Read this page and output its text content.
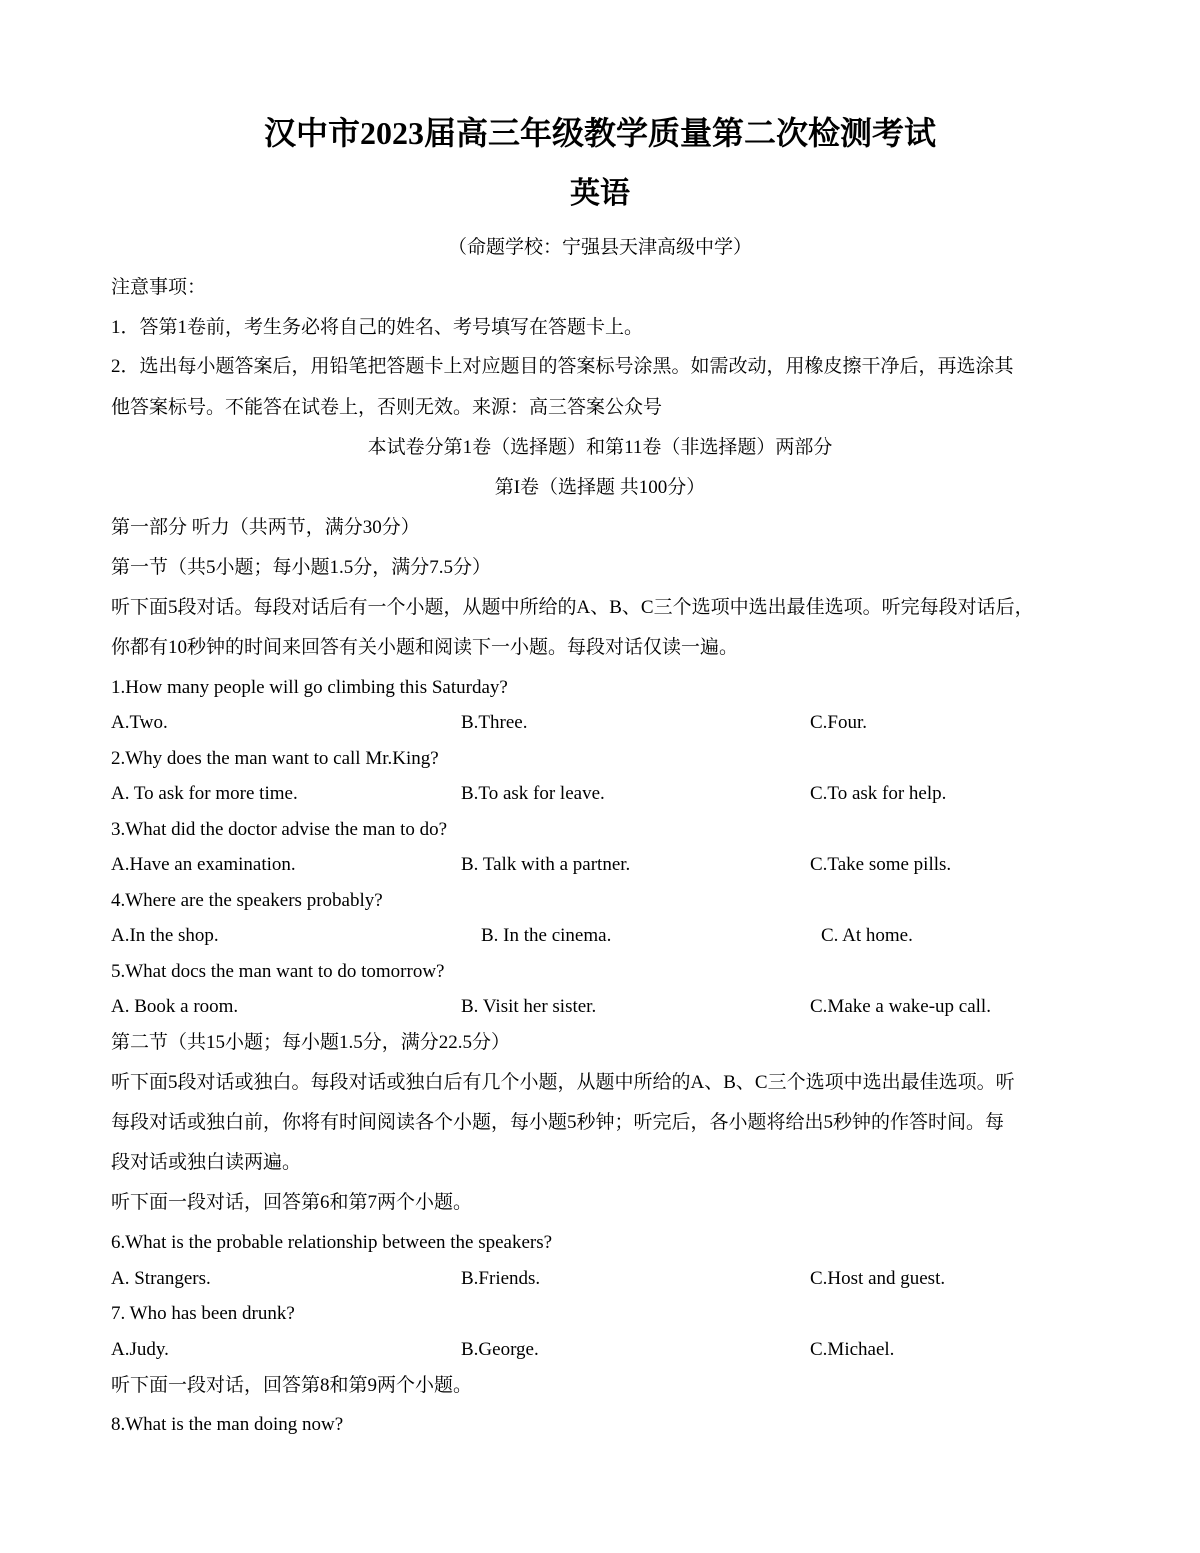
汉中市2023届高三年级教学质量第二次检测考试
英语
（命题学校：宁强县天津高级中学）
注意事项：
1．答第1卷前，考生务必将自己的姓名、考号填写在答题卡上。
2．选出每小题答案后，用铅笔把答题卡上对应题目的答案标号涂黑。如需改动，用橡皮擦干净后，再选涂其
他答案标号。不能答在试卷上，否则无效。来源：高三答案公众号
本试卷分第1卷（选择题）和第11卷（非选择题）两部分
第I卷（选择题 共100分）
第一部分 听力（共两节，满分30分）
第一节（共5小题；每小题1.5分，满分7.5分）
听下面5段对话。每段对话后有一个小题，从题中所给的A、B、C三个选项中选出最佳选项。听完每段对话后，
你都有10秒钟的时间来回答有关小题和阅读下一小题。每段对话仅读一遍。
1.How many people will go climbing this Saturday?
A.Two.	B.Three.	C.Four.
2.Why does the man want to call Mr.King?
A. To ask for more time.	B.To ask for leave.	C.To ask for help.
3.What did the doctor advise the man to do?
A.Have an examination.	B. Talk with a partner.	C.Take some pills.
4.Where are the speakers probably?
A.In the shop.	B. In the cinema.	C. At home.
5.What docs the man want to do tomorrow?
A. Book a room.	B. Visit her sister.	C.Make a wake-up call.
第二节（共15小题；每小题1.5分，满分22.5分）
听下面5段对话或独白。每段对话或独白后有几个小题，从题中所给的A、B、C三个选项中选出最佳选项。听
每段对话或独白前，你将有时间阅读各个小题，每小题5秒钟；听完后，各小题将给出5秒钟的作答时间。每
段对话或独白读两遍。
听下面一段对话，回答第6和第7两个小题。
6.What is the probable relationship between the speakers?
A. Strangers.	B.Friends.	C.Host and guest.
7. Who has been drunk?
A.Judy.	B.George.	C.Michael.
听下面一段对话，回答第8和第9两个小题。
8.What is the man doing now?
